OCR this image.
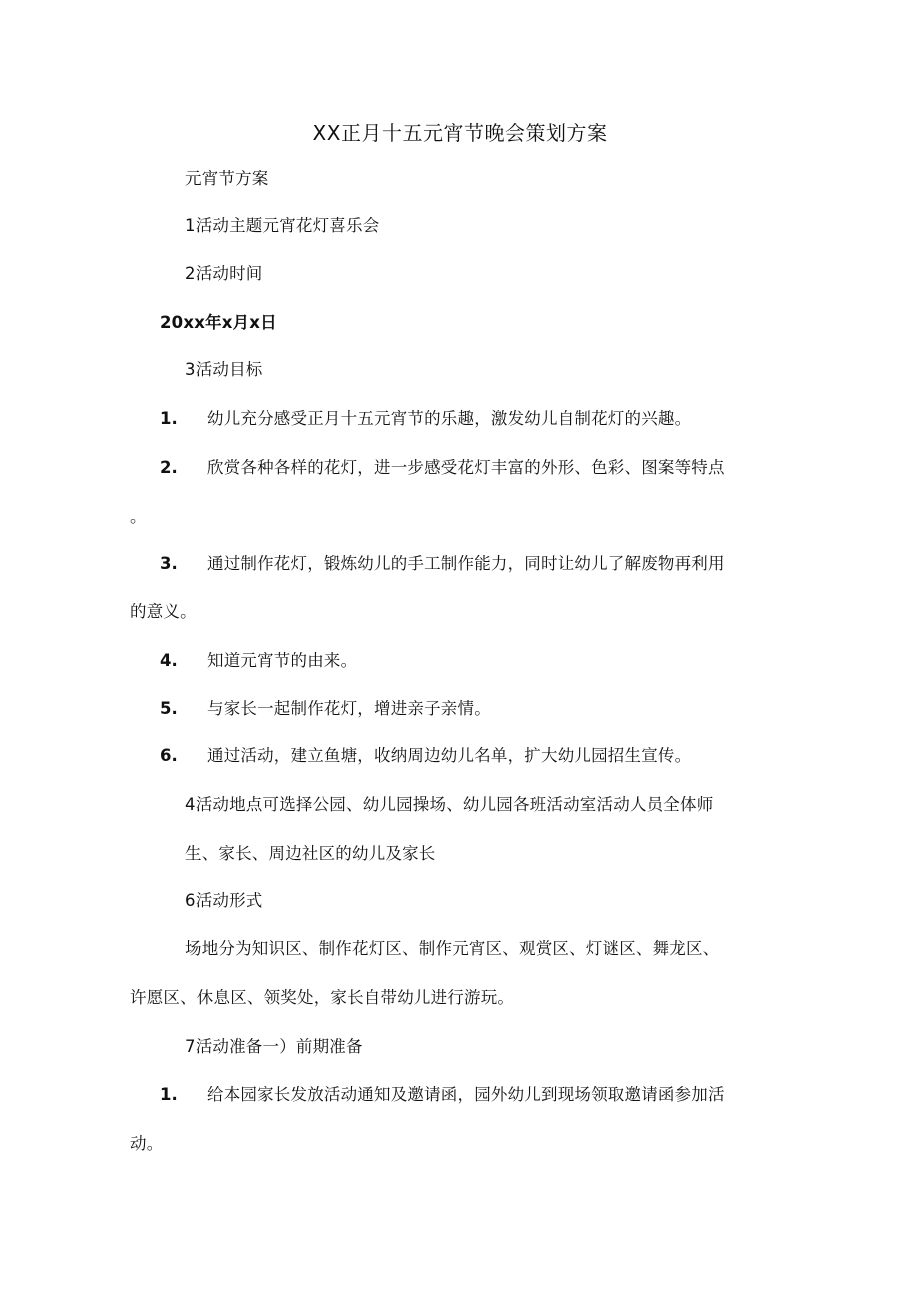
XX正月十五元宵节晚会策划方案
元宵节方案
1活动主题元宵花灯喜乐会
2活动时间
20xx年x月x日
3活动目标
1. 幼儿充分感受正月十五元宵节的乐趣，激发幼儿自制花灯的兴趣。
2. 欣赏各种各样的花灯，进一步感受花灯丰富的外形、色彩、图案等特点
。
3. 通过制作花灯，锻炼幼儿的手工制作能力，同时让幼儿了解废物再利用
的意义。
4. 知道元宵节的由来。
5. 与家长一起制作花灯，增进亲子亲情。
6. 通过活动，建立鱼塘，收纳周边幼儿名单，扩大幼儿园招生宣传。
4活动地点可选择公园、幼儿园操场、幼儿园各班活动室活动人员全体师
生、家长、周边社区的幼儿及家长
6活动形式
场地分为知识区、制作花灯区、制作元宵区、观赏区、灯谜区、舞龙区、
许愿区、休息区、领奖处，家长自带幼儿进行游玩。
7活动准备一）前期准备
1. 给本园家长发放活动通知及邀请函，园外幼儿到现场领取邀请函参加活
动。
